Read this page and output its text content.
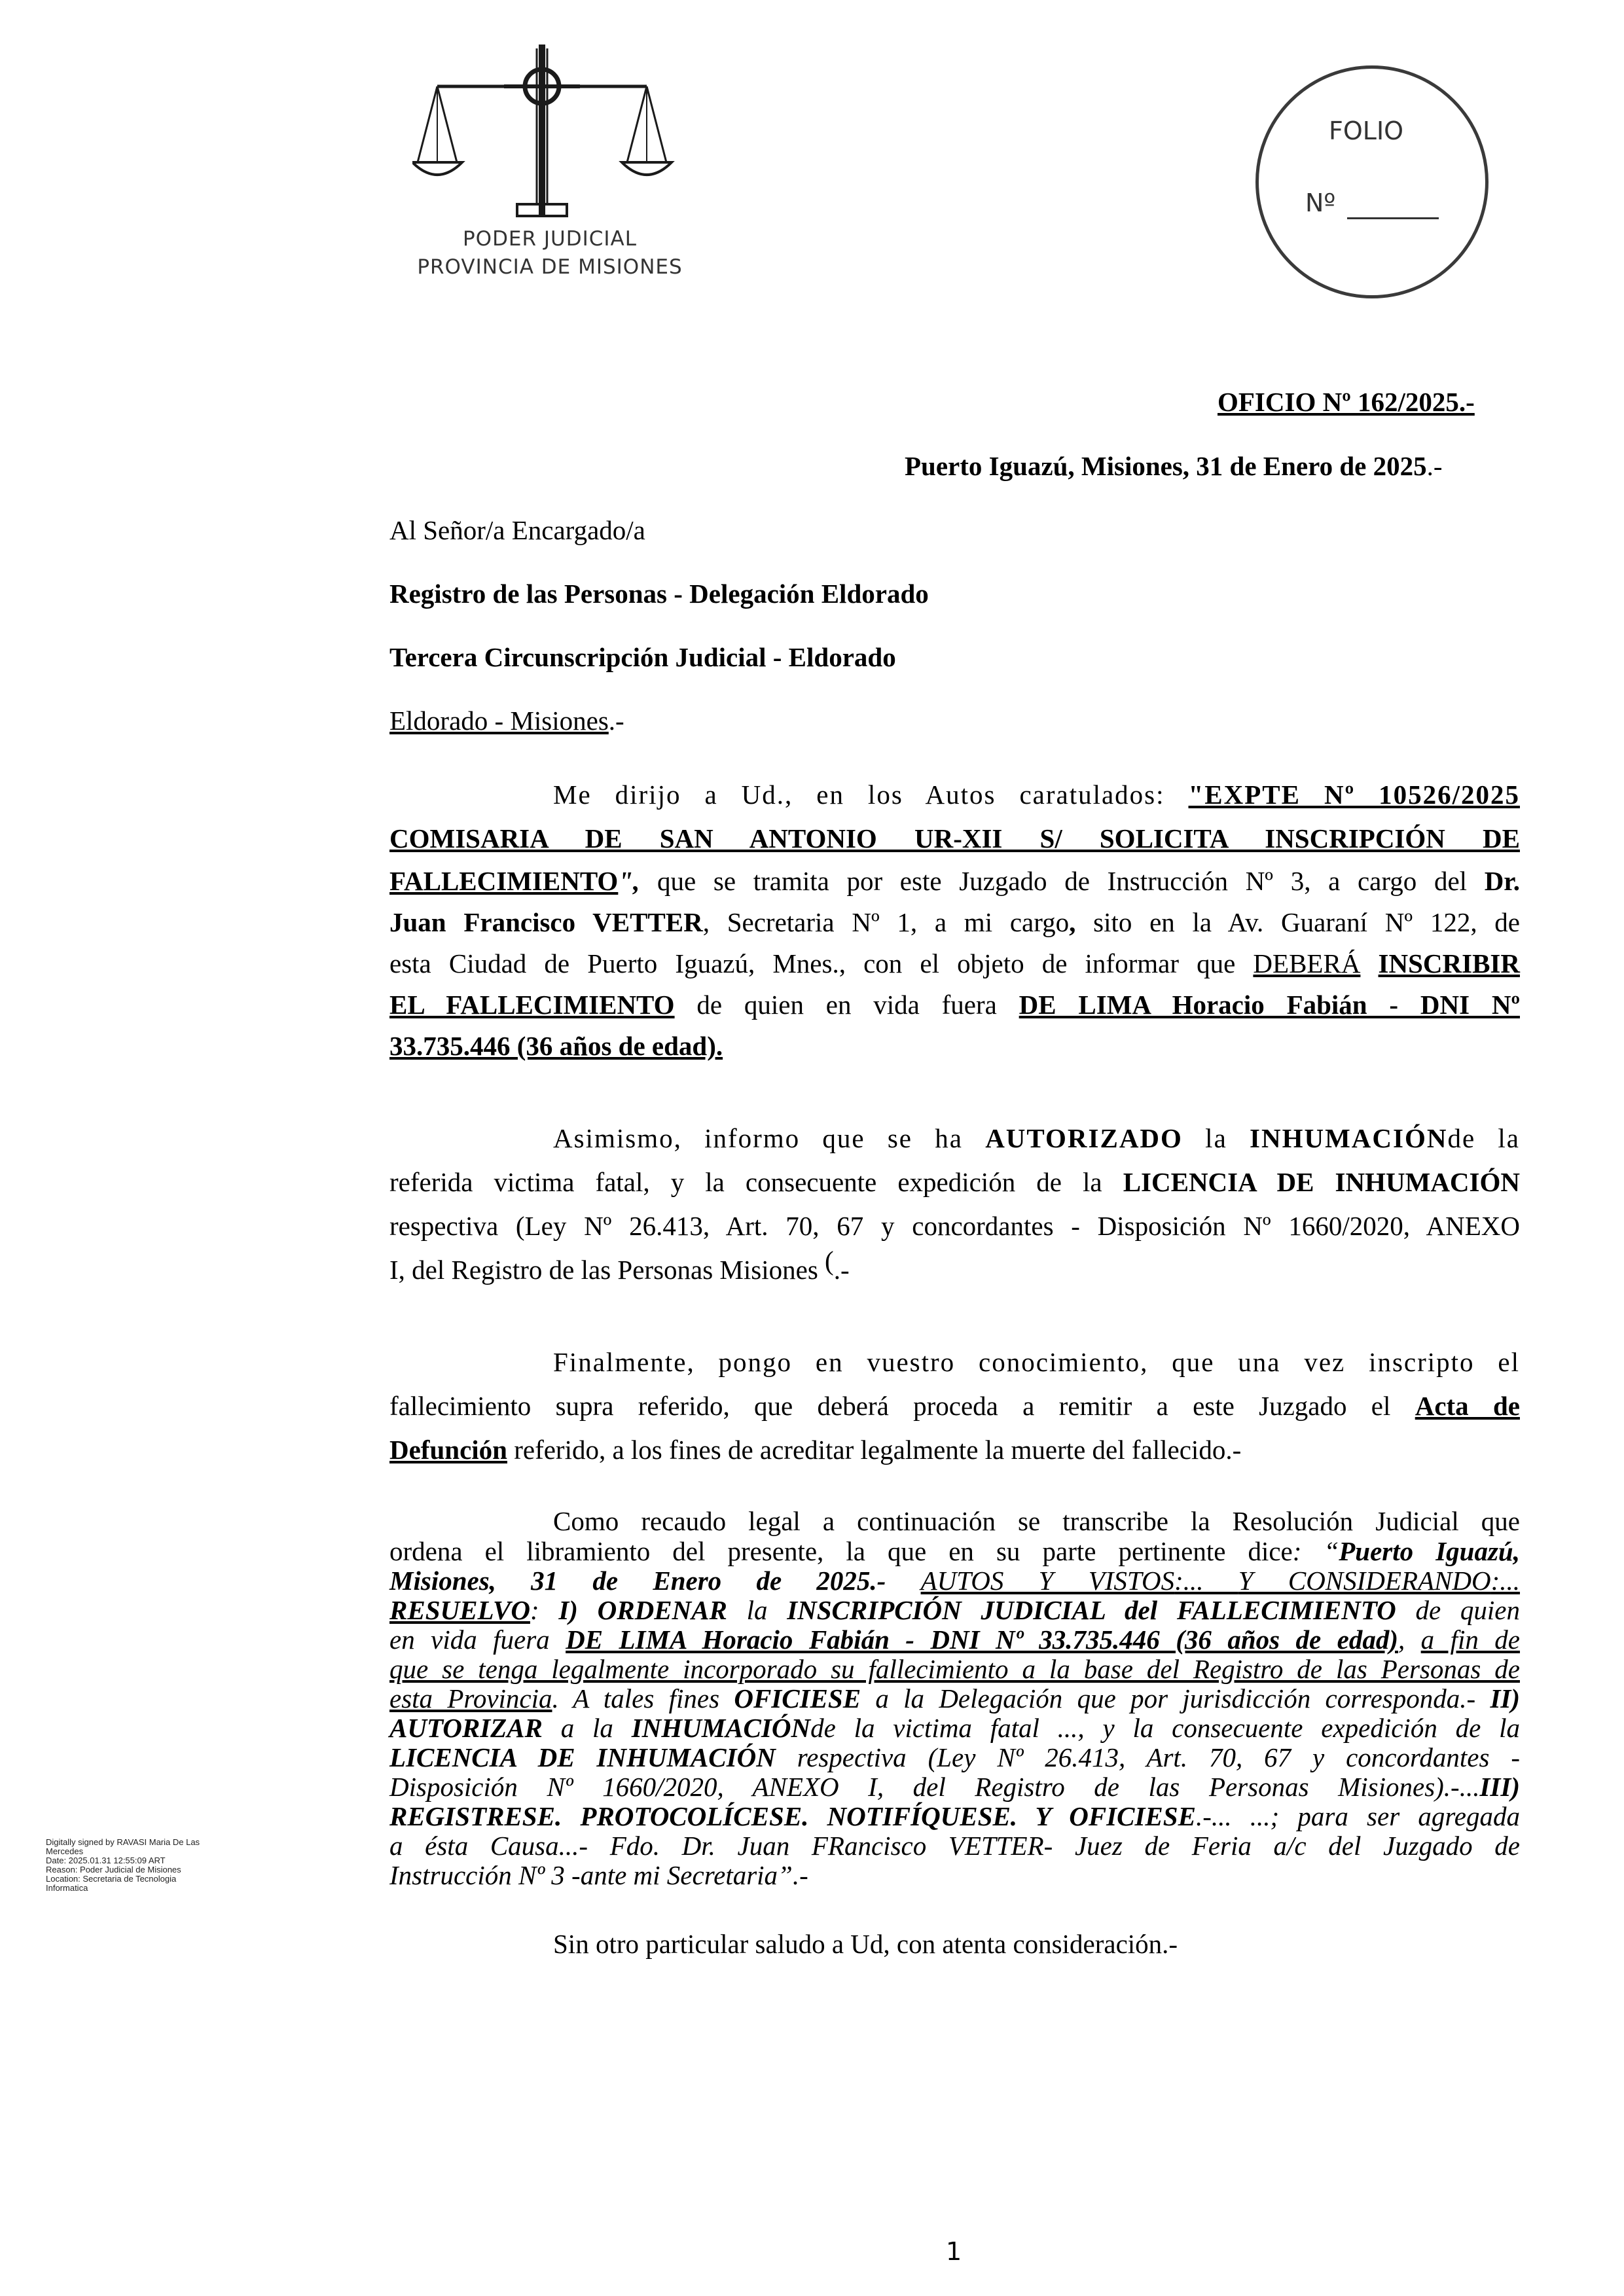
PODER JUDICIAL
PROVINCIA DE MISIONES
FOLIO
Nº
OFICIO Nº 162/2025.-
Puerto Iguazú, Misiones, 31 de Enero de 2025.-
Al Señor/a Encargado/a
Registro de las Personas - Delegación Eldorado
Tercera Circunscripción Judicial - Eldorado
Eldorado - Misiones.-
Me dirijo a Ud., en los Autos caratulados: "EXPTE Nº 10526/2025
COMISARIA DE SAN ANTONIO UR-XII S/ SOLICITA INSCRIPCIÓN DE
FALLECIMIENTO", que se tramita por este Juzgado de Instrucción Nº 3, a cargo del Dr.
Juan Francisco VETTER, Secretaria Nº 1, a mi cargo, sito en la Av. Guaraní Nº 122, de
esta Ciudad de Puerto Iguazú, Mnes., con el objeto de informar que DEBERÁ INSCRIBIR
EL FALLECIMIENTO de quien en vida fuera DE LIMA Horacio Fabián - DNI Nº
33.735.446 (36 años de edad).
Asimismo, informo que se ha AUTORIZADO la INHUMACIÓNde la
referida victima fatal, y la consecuente expedición de la LICENCIA DE INHUMACIÓN
respectiva (Ley Nº 26.413, Art. 70, 67 y concordantes - Disposición Nº 1660/2020, ANEXO
I, del Registro de las Personas Misiones (.-
Finalmente, pongo en vuestro conocimiento, que una vez inscripto el
fallecimiento supra referido, que deberá proceda a remitir a este Juzgado el Acta de
Defunción referido, a los fines de acreditar legalmente la muerte del fallecido.-
Como recaudo legal a continuación se transcribe la Resolución Judicial que
ordena el libramiento del presente, la que en su parte pertinente dice: “Puerto Iguazú,
Misiones, 31 de Enero de 2025.- AUTOS Y VISTOS:... Y CONSIDERANDO:...
RESUELVO: I) ORDENAR la INSCRIPCIÓN JUDICIAL del FALLECIMIENTO de quien
en vida fuera DE LIMA Horacio Fabián - DNI Nº 33.735.446 (36 años de edad), a fin de
que se tenga legalmente incorporado su fallecimiento a la base del Registro de las Personas de
esta Provincia. A tales fines OFICIESE a la Delegación que por jurisdicción corresponda.- II)
AUTORIZAR a la INHUMACIÓNde la victima fatal ..., y la consecuente expedición de la
LICENCIA DE INHUMACIÓN respectiva (Ley Nº 26.413, Art. 70, 67 y concordantes -
Disposición Nº 1660/2020, ANEXO I, del Registro de las Personas Misiones).-...III)
REGISTRESE. PROTOCOLÍCESE. NOTIFÍQUESE. Y OFICIESE.-... ...; para ser agregada
a ésta Causa...- Fdo. Dr. Juan FRancisco VETTER- Juez de Feria a/c del Juzgado de
Instrucción Nº 3 -ante mi Secretaria”.-
Sin otro particular saludo a Ud, con atenta consideración.-
Digitally signed by RAVASI Maria De Las
Mercedes
Date: 2025.01.31 12:55:09 ART
Reason: Poder Judicial de Misiones
Location: Secretaria de Tecnologia
Informatica
1
